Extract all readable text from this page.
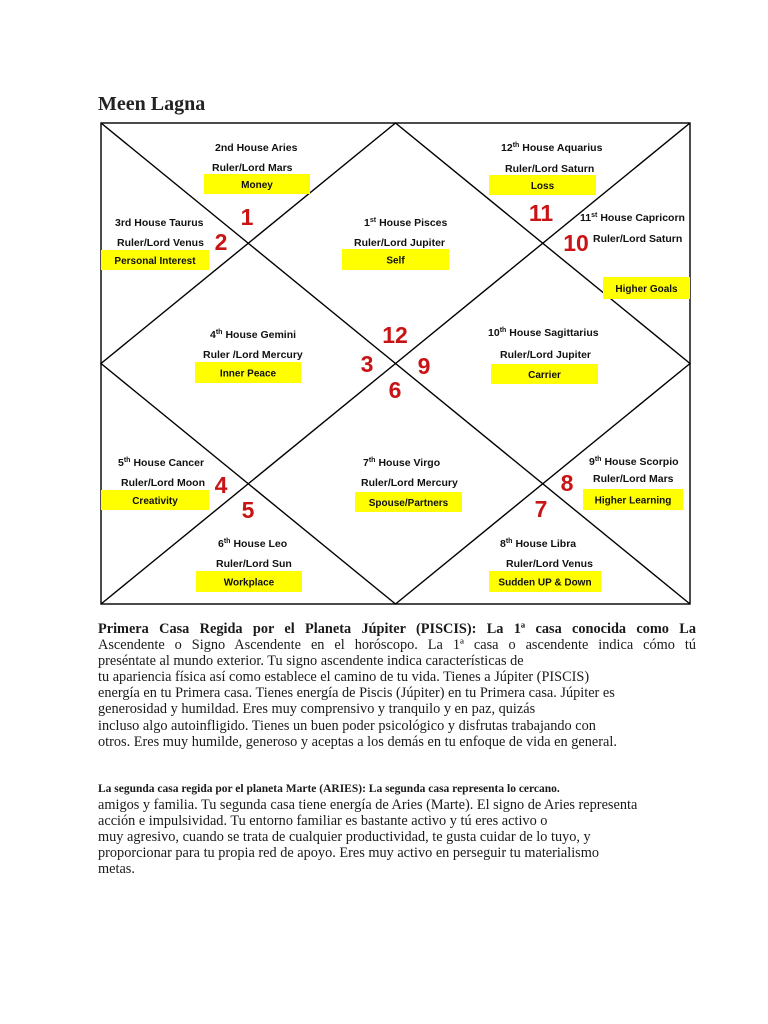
Meen Lagna
1st House Pisces
Ruler/Lord Jupiter
Self
2nd House Aries
Ruler/Lord Mars
Money
3rd House Taurus
Ruler/Lord Venus
Personal Interest
4th House Gemini
Ruler /Lord Mercury
Inner Peace
5th House Cancer
Ruler/Lord Moon
Creativity
6th House Leo
Ruler/Lord Sun
Workplace
7th House Virgo
Ruler/Lord Mercury
Spouse/Partners
8th House Libra
Ruler/Lord Venus
Sudden UP & Down
9th House Scorpio
Ruler/Lord Mars
Higher Learning
10th House Sagittarius
Ruler/Lord Jupiter
Carrier
11st House Capricorn
Ruler/Lord Saturn
Higher Goals
12th House Aquarius
Ruler/Lord Saturn
Loss
1
2
3
4
5
6
7
8
9
10
11
12
Primera Casa Regida por el Planeta Júpiter (PISCIS): La 1ª casa conocida como La
Ascendente o Signo Ascendente en el horóscopo. La 1ª casa o ascendente indica cómo tú
preséntate al mundo exterior. Tu signo ascendente indica características de
tu apariencia física así como establece el camino de tu vida. Tienes a Júpiter (PISCIS)
energía en tu Primera casa. Tienes energía de Piscis (Júpiter) en tu Primera casa. Júpiter es
generosidad y humildad. Eres muy comprensivo y tranquilo y en paz, quizás
incluso algo autoinfligido. Tienes un buen poder psicológico y disfrutas trabajando con
otros. Eres muy humilde, generoso y aceptas a los demás en tu enfoque de vida en general.
La segunda casa regida por el planeta Marte (ARIES): La segunda casa representa lo cercano.
amigos y familia. Tu segunda casa tiene energía de Aries (Marte). El signo de Aries representa
acción e impulsividad. Tu entorno familiar es bastante activo y tú eres activo o
muy agresivo, cuando se trata de cualquier productividad, te gusta cuidar de lo tuyo, y
proporcionar para tu propia red de apoyo. Eres muy activo en perseguir tu materialismo
metas.
